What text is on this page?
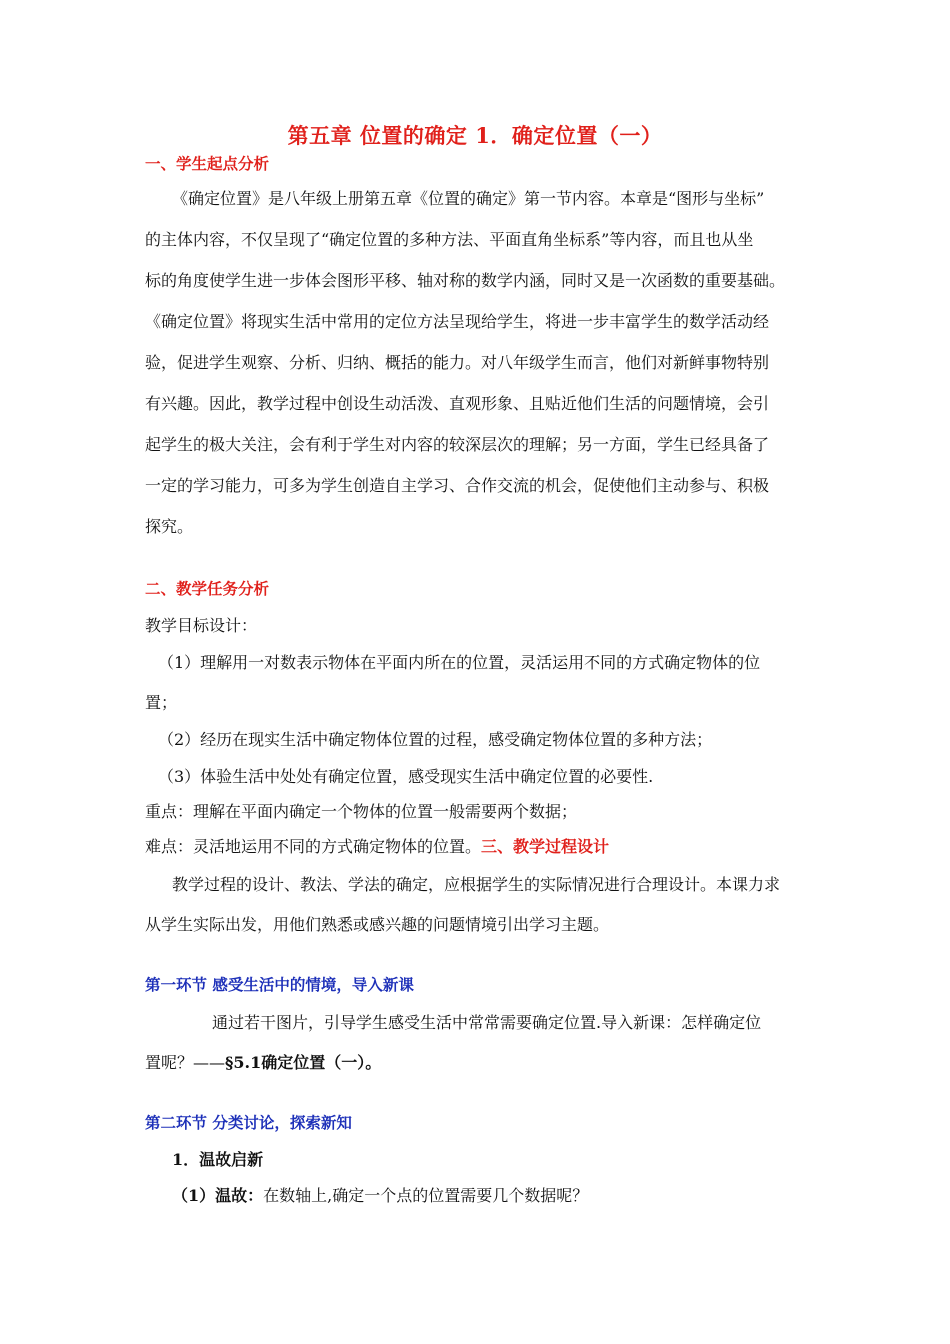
第五章 位置的确定 1．确定位置（一）
一、学生起点分析
《确定位置》是八年级上册第五章《位置的确定》第一节内容。本章是“图形与坐标”
的主体内容，不仅呈现了“确定位置的多种方法、平面直角坐标系”等内容，而且也从坐
标的角度使学生进一步体会图形平移、轴对称的数学内涵，同时又是一次函数的重要基础。
《确定位置》将现实生活中常用的定位方法呈现给学生，将进一步丰富学生的数学活动经
验，促进学生观察、分析、归纳、概括的能力。对八年级学生而言，他们对新鲜事物特别
有兴趣。因此，教学过程中创设生动活泼、直观形象、且贴近他们生活的问题情境，会引
起学生的极大关注，会有利于学生对内容的较深层次的理解；另一方面，学生已经具备了
一定的学习能力，可多为学生创造自主学习、合作交流的机会，促使他们主动参与、积极
探究。
二、教学任务分析
教学目标设计：
（1）理解用一对数表示物体在平面内所在的位置，灵活运用不同的方式确定物体的位
置；
（2）经历在现实生活中确定物体位置的过程，感受确定物体位置的多种方法；
（3）体验生活中处处有确定位置，感受现实生活中确定位置的必要性.
重点：理解在平面内确定一个物体的位置一般需要两个数据；
难点：灵活地运用不同的方式确定物体的位置。三、教学过程设计
教学过程的设计、教法、学法的确定，应根据学生的实际情况进行合理设计。本课力求
从学生实际出发，用他们熟悉或感兴趣的问题情境引出学习主题。
第一环节 感受生活中的情境，导入新课
通过若干图片，引导学生感受生活中常常需要确定位置.导入新课：怎样确定位
置呢？——§5.1确定位置（一）。
第二环节 分类讨论，探索新知
1．温故启新
（1）温故：在数轴上,确定一个点的位置需要几个数据呢？
